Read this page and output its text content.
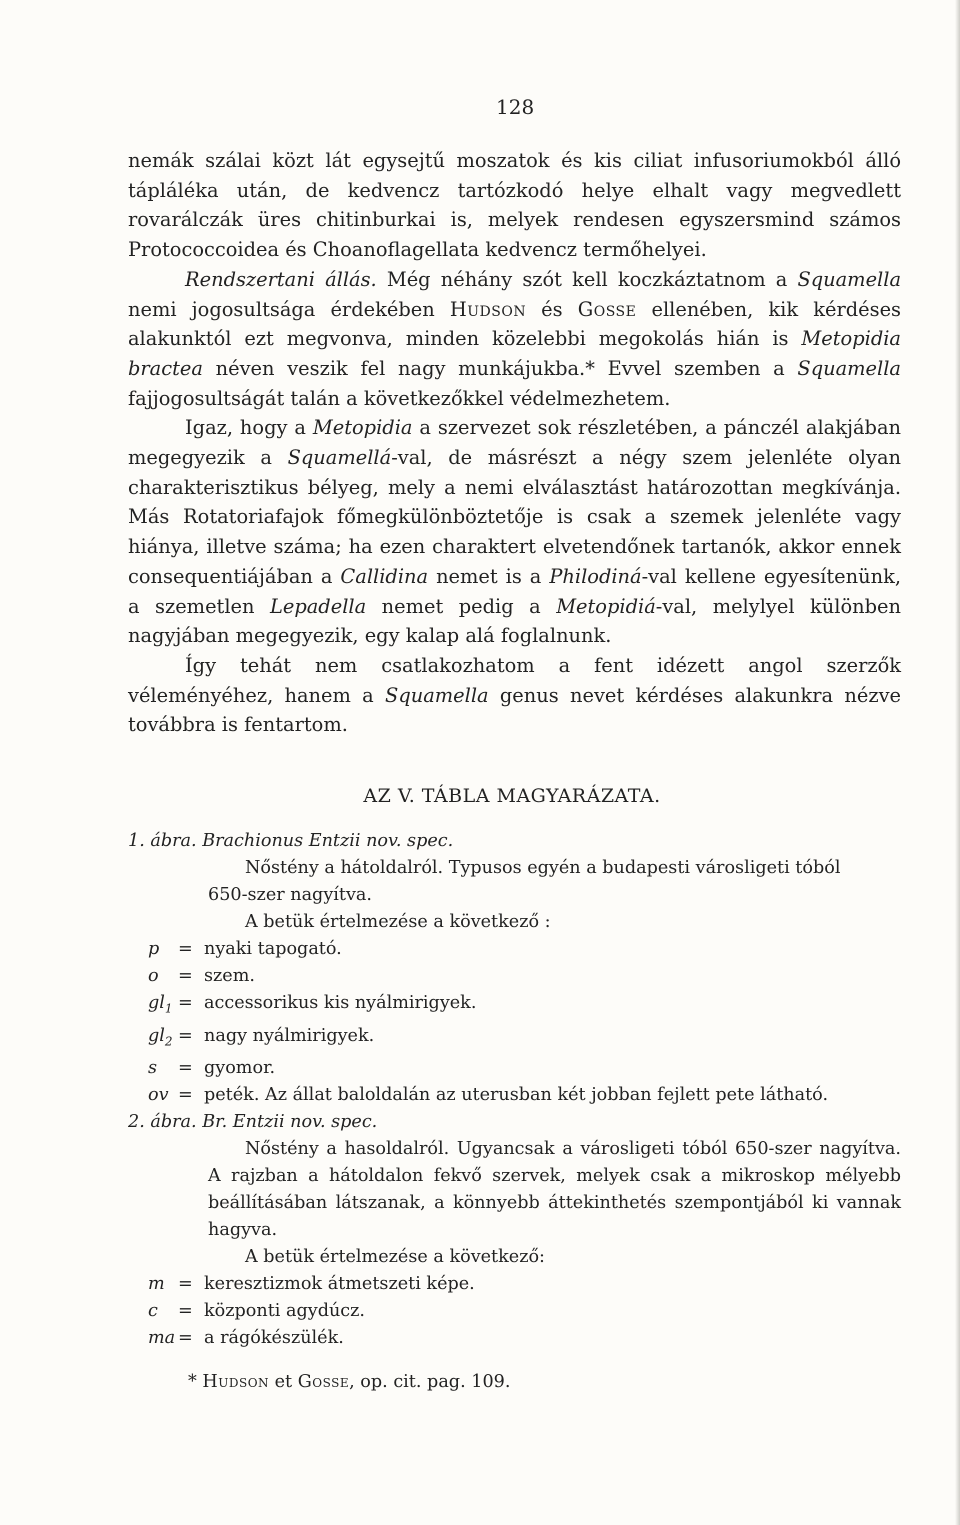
128

nemák szálai közt lát egysejtű moszatok és kis ciliat infusoriumokból álló tápláléka után, de kedvencz tartózkodó helye elhalt vagy megvedlett rovarálczák üres chitinburkai is, melyek rendesen egyszersmind számos Protococcoidea és Choanoflagellata kedvencz termőhelyei.

Rendszertani állás. Még néhány szót kell koczkáztatnom a Squamella nemi jogosultsága érdekében Hudson és Gosse ellenében, kik kérdéses alakunktól ezt megvonva, minden közelebbi megokolás hián is Metopidia bractea néven veszik fel nagy munkájukba.* Evvel szemben a Squamella fajjogosultságát talán a következőkkel védelmezhetem.

Igaz, hogy a Metopidia a szervezet sok részletében, a pánczél alakjában megegyezik a Squamellá-val, de másrészt a négy szem jelenléte olyan charakterisztikus bélyeg, mely a nemi elválasztást határozottan megkívánja. Más Rotatoriafajok főmegkülönböztetője is csak a szemek jelenléte vagy hiánya, illetve száma; ha ezen charaktert elvetendőnek tartanók, akkor ennek consequentiájában a Callidina nemet is a Philodiná-val kellene egyesítenünk, a szemetlen Lepadella nemet pedig a Metopidiá-val, melylyel különben nagyjában megegyezik, egy kalap alá foglalnunk.

Így tehát nem csatlakozhatom a fent idézett angol szerzők véleményéhez, hanem a Squamella genus nevet kérdéses alakunkra nézve továbbra is fentartom.

AZ V. TÁBLA MAGYARÁZATA.
1. ábra. Brachionus Entzii nov. spec.
Nőstény a hátoldalról. Typusos egyén a budapesti városligeti tóból
650-szer nagyítva.
A betük értelmezése a következő :
p = nyaki tapogató.
o = szem.
$gl_1$ = accessorikus kis nyálmirigyek.
$gl_2$ = nagy nyálmirigyek.
s = gyomor.
ov = peték. Az állat baloldalán az uterusban két jobban fejlett pete látható.
2. ábra. Br. Entzii nov. spec.
Nőstény a hasoldalról. Ugyancsak a városligeti tóból 650-szer nagyítva. A rajzban a hátoldalon fekvő szervek, melyek csak a mikroskop mélyebb beállításában látszanak, a könnyebb áttekinthetés szempontjából ki vannak hagyva.
A betük értelmezése a következő:
m = keresztizmok átmetszeti képe.
c = központi agydúcz.
ma = a rágókészülék.
* Hudson et Gosse, op. cit. pag. 109.
